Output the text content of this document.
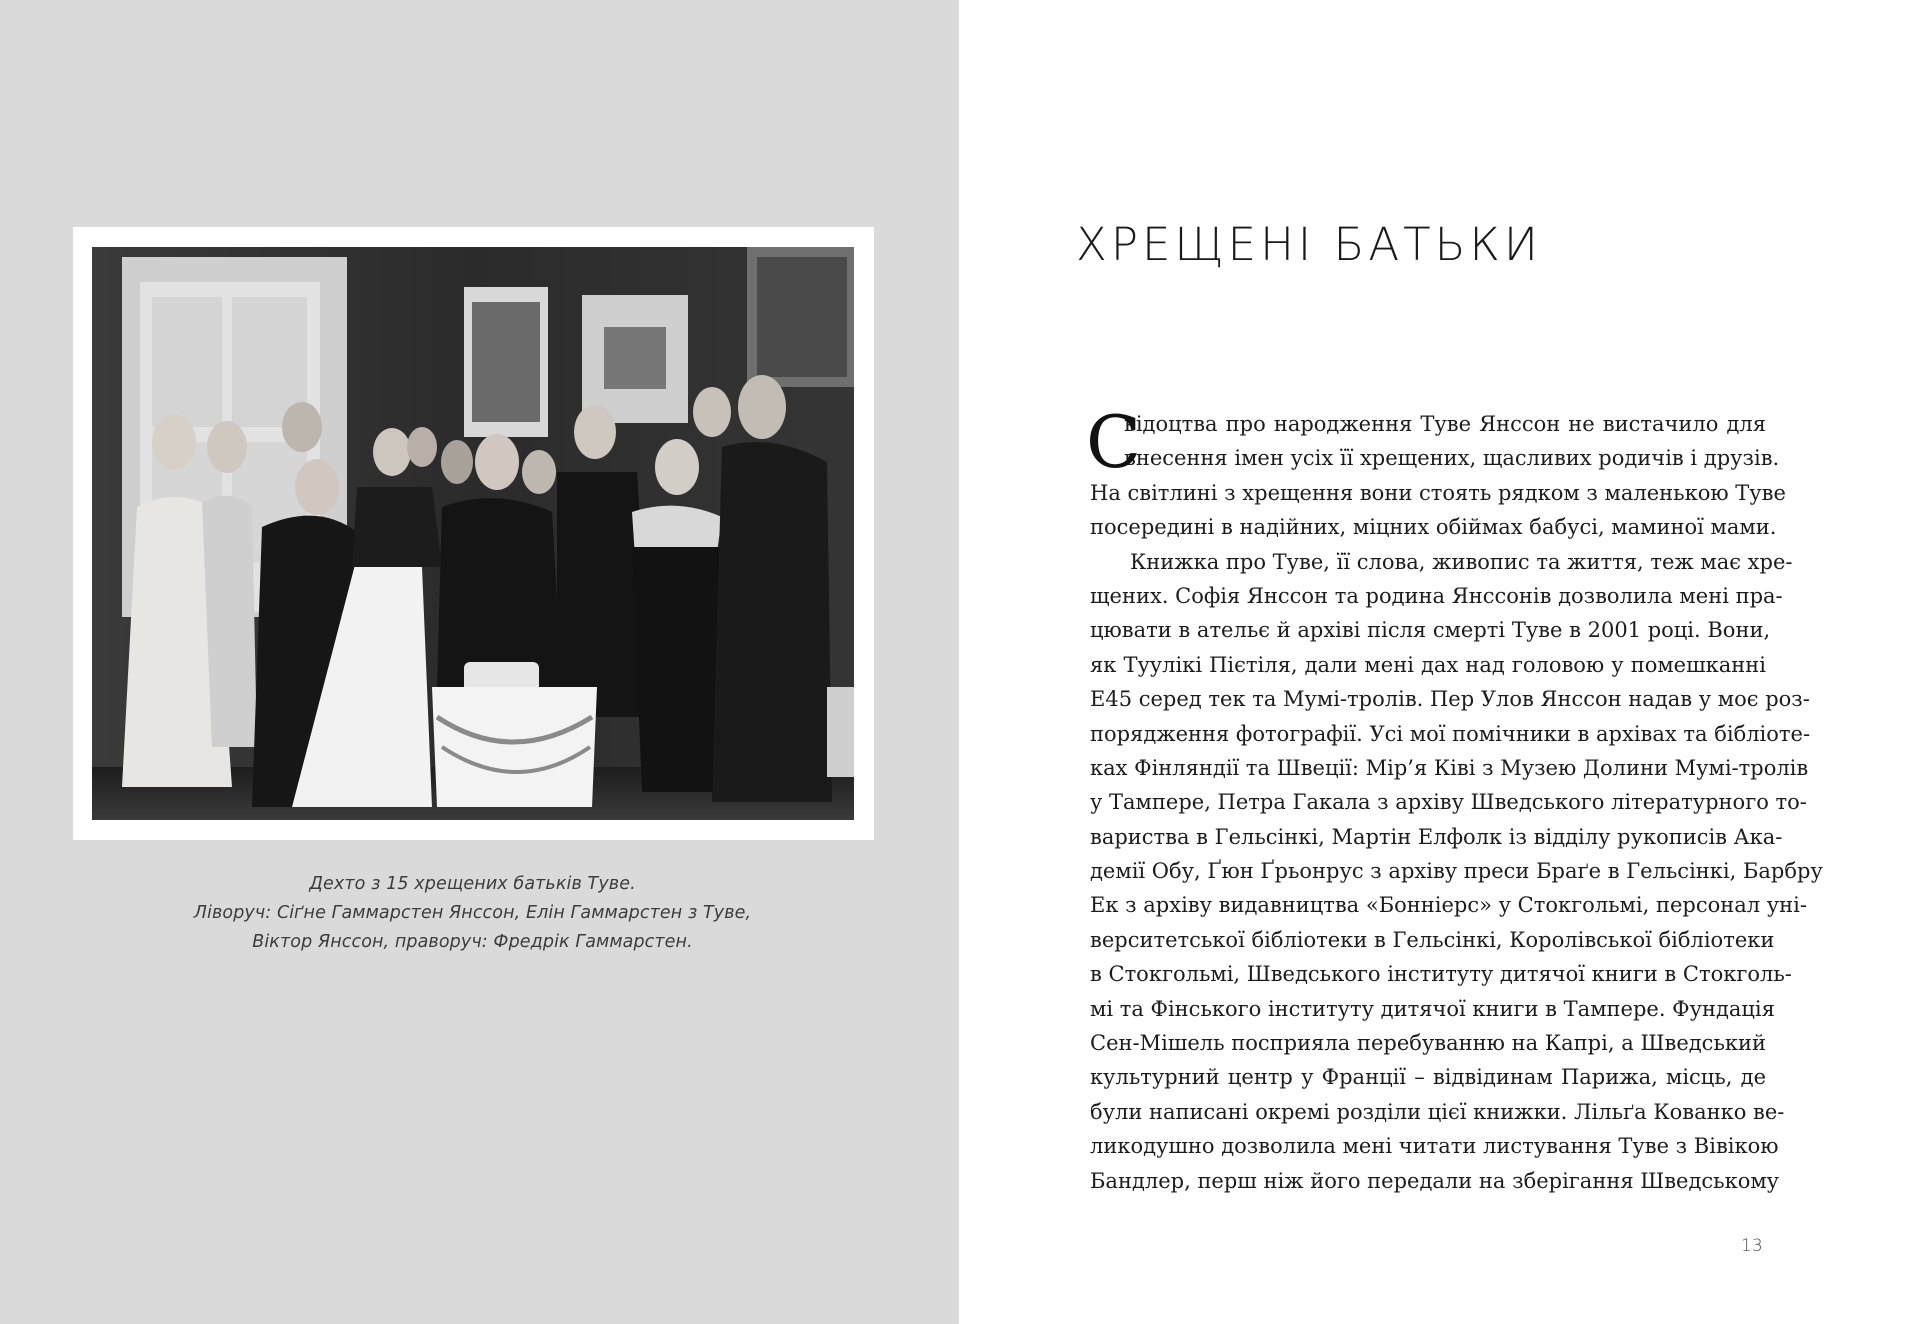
Дехто з 15 хрещених батьків Туве.
Ліворуч: Сіґне Гаммарстен Янссон, Елін Гаммарстен з Туве,
Віктор Янссон, праворуч: Фредрік Гаммарстен.
ХРЕЩЕНІ БАТЬКИ
С
відоцтва про народження Туве Янссон не вистачило для
внесення імен усіх її хрещених, щасливих родичів і друзів.
На світлині з хрещення вони стоять рядком з маленькою Туве
посередині в надійних, міцних обіймах бабусі, маминої мами.
Книжка про Туве, її слова, живопис та життя, теж має хре-
щених. Софія Янссон та родина Янссонів дозволила мені пра-
цювати в ательє й архіві після смерті Туве в 2001 році. Вони,
як Туулікі Пієтіля, дали мені дах над головою у помешканні
E45 серед тек та Мумі-тролів. Пер Улов Янссон надав у моє роз-
порядження фотографії. Усі мої помічники в архівах та бібліоте-
ках Фінляндії та Швеції: Мір’я Ківі з Музею Долини Мумі-тролів
у Тампере, Петра Гакала з архіву Шведського літературного то-
вариства в Гельсінкі, Мартін Елфолк із відділу рукописів Ака-
демії Обу, Ґюн Ґрьонрус з архіву преси Браґе в Гельсінкі, Барбру
Ек з архіву видавництва «Бонніерс» у Стокгольмі, персонал уні-
верситетської бібліотеки в Гельсінкі, Королівської бібліотеки
в Стокгольмі, Шведського інституту дитячої книги в Стокголь-
мі та Фінського інституту дитячої книги в Тампере. Фундація
Сен-Мішель посприяла перебуванню на Капрі, а Шведський
культурний центр у Франції – відвідинам Парижа, місць, де
були написані окремі розділи цієї книжки. Лільґа Кованко ве-
ликодушно дозволила мені читати листування Туве з Вівікою
Бандлер, перш ніж його передали на зберігання Шведському
13
